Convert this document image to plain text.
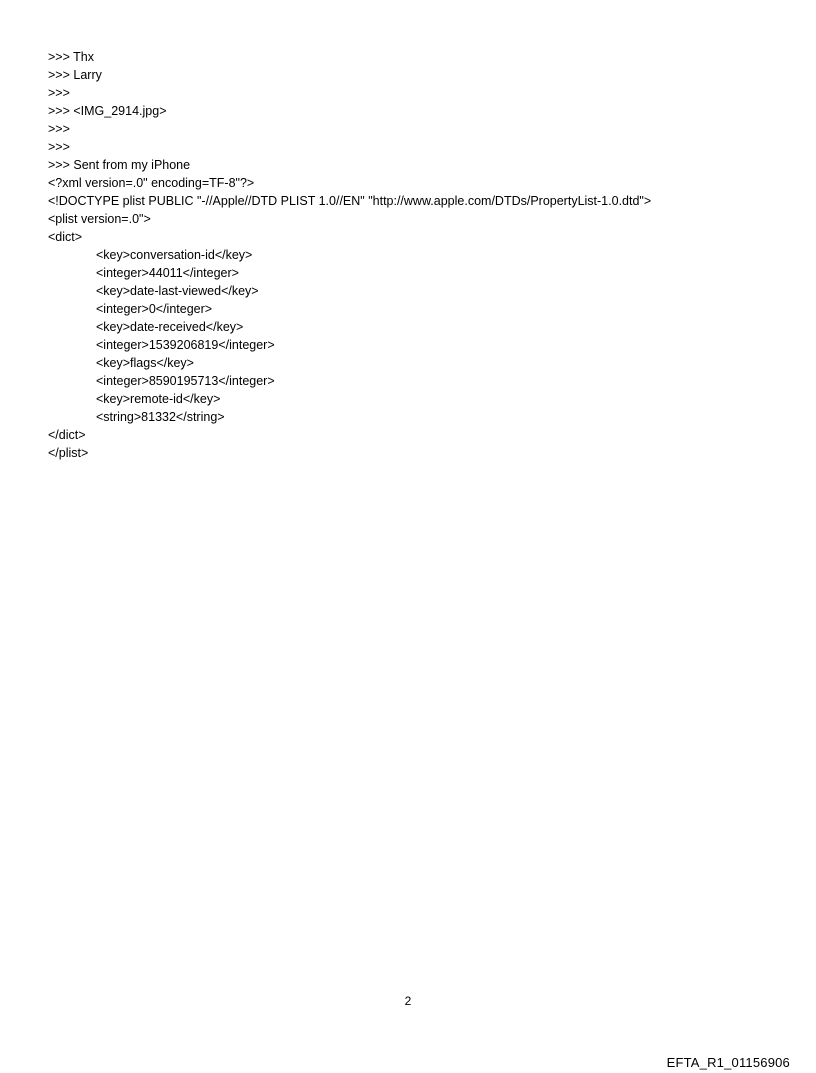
>>> Thx
>>> Larry
>>>
>>> <IMG_2914.jpg>
>>>
>>>
>>> Sent from my iPhone
<?xml version=.0" encoding=TF-8"?>
<!DOCTYPE plist PUBLIC "-//Apple//DTD PLIST 1.0//EN" "http://www.apple.com/DTDs/PropertyList-1.0.dtd">
<plist version=.0">
<dict>
<key>conversation-id</key>
<integer>44011</integer>
<key>date-last-viewed</key>
<integer>0</integer>
<key>date-received</key>
<integer>1539206819</integer>
<key>flags</key>
<integer>8590195713</integer>
<key>remote-id</key>
<string>81332</string>
</dict>
</plist>
2
EFTA_R1_01156906
